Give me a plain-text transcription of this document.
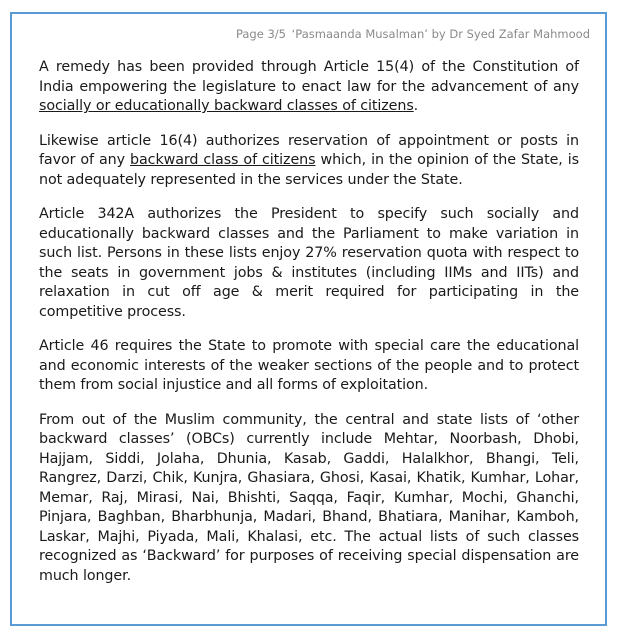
Page 3/5 ‘Pasmaanda Musalman’ by Dr Syed Zafar Mahmood

A remedy has been provided through Article 15(4) of the Constitution of India empowering the legislature to enact law for the advancement of any socially or educationally backward classes of citizens.

Likewise article 16(4) authorizes reservation of appointment or posts in favor of any backward class of citizens which, in the opinion of the State, is not adequately represented in the services under the State.

Article 342A authorizes the President to specify such socially and educationally backward classes and the Parliament to make variation in such list. Persons in these lists enjoy 27% reservation quota with respect to the seats in government jobs & institutes (including IIMs and IITs) and relaxation in cut off age & merit required for participating in the competitive process.

Article 46 requires the State to promote with special care the educational and economic interests of the weaker sections of the people and to protect them from social injustice and all forms of exploitation.

From out of the Muslim community, the central and state lists of ‘other backward classes’ (OBCs) currently include Mehtar, Noorbash, Dhobi, Hajjam, Siddi, Jolaha, Dhunia, Kasab, Gaddi, Halalkhor, Bhangi, Teli, Rangrez, Darzi, Chik, Kunjra, Ghasiara, Ghosi, Kasai, Khatik, Kumhar, Lohar, Memar, Raj, Mirasi, Nai, Bhishti, Saqqa, Faqir, Kumhar, Mochi, Ghanchi, Pinjara, Baghban, Bharbhunja, Madari, Bhand, Bhatiara, Manihar, Kamboh, Laskar, Majhi, Piyada, Mali, Khalasi, etc. The actual lists of such classes recognized as ‘Backward’ for purposes of receiving special dispensation are much longer.
